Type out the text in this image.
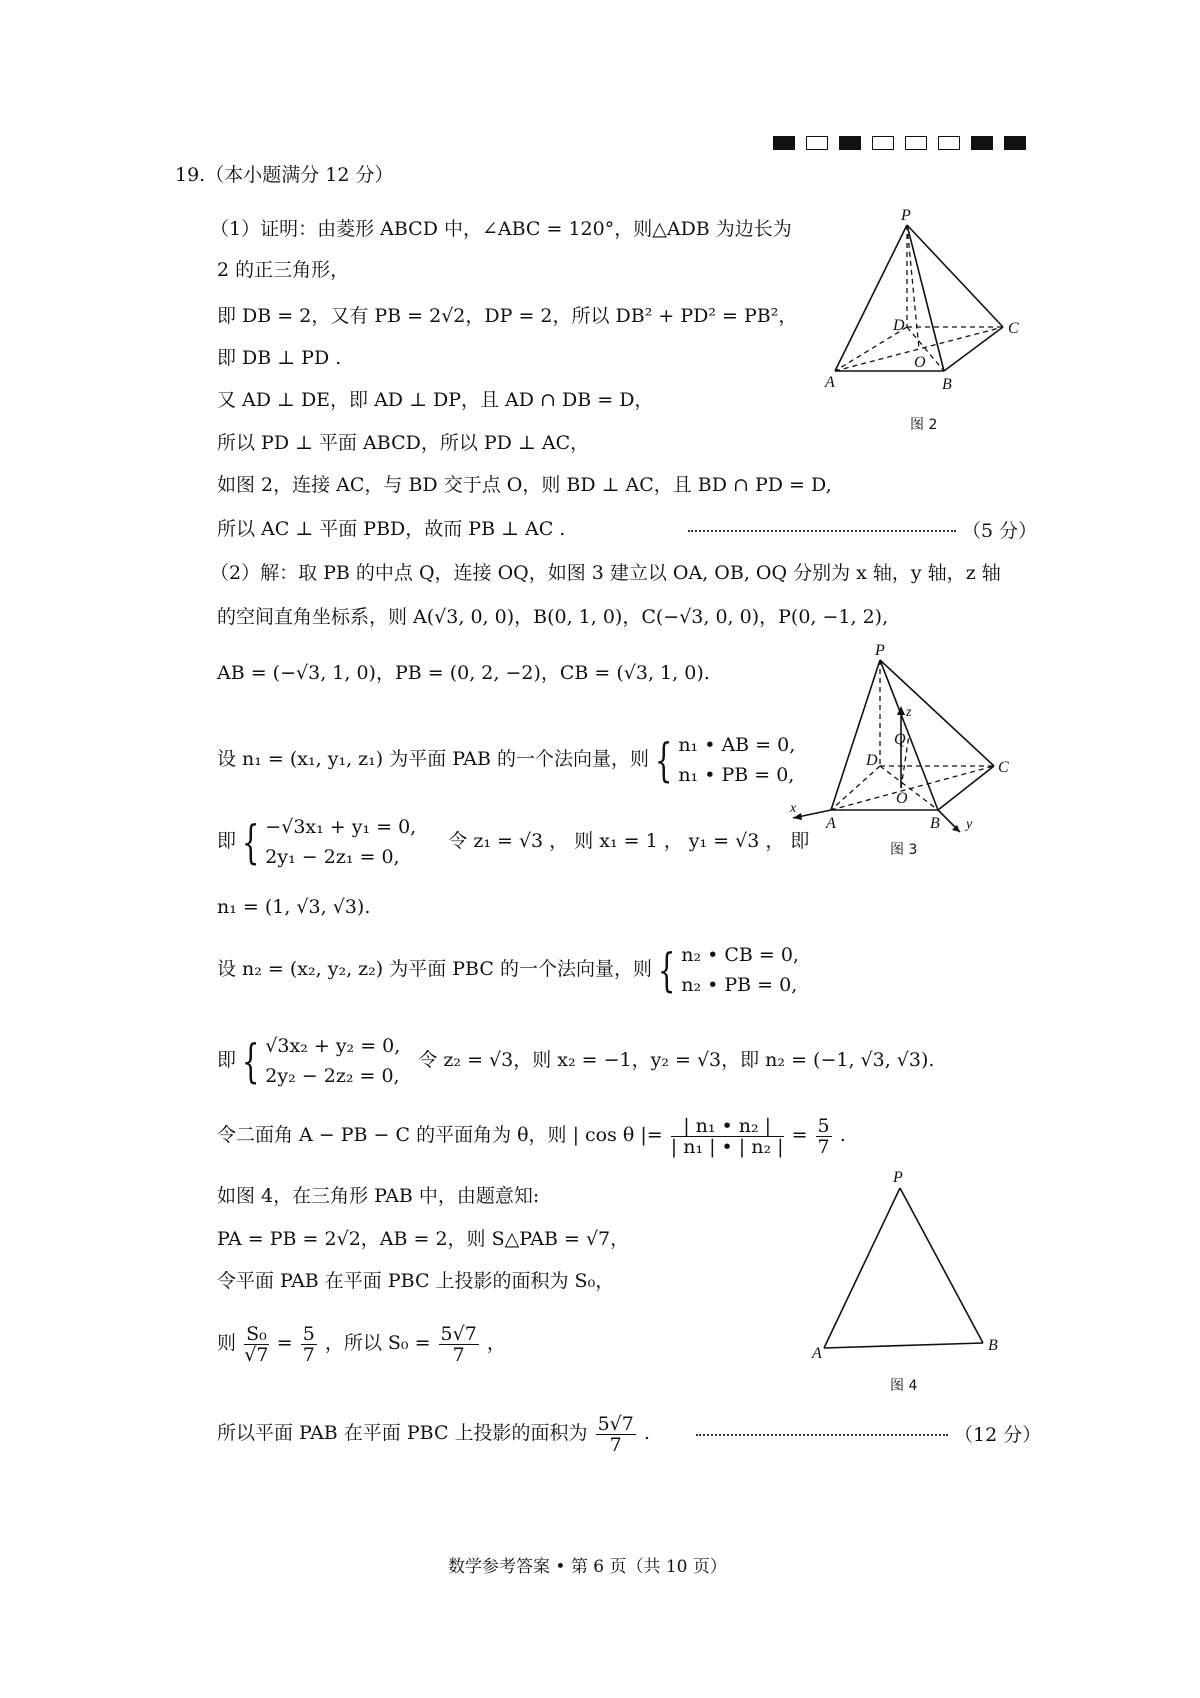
19.（本小题满分 12 分）
（1）证明：由菱形 ABCD 中，∠ABC = 120°，则△ADB 为边长为
2 的正三角形，
即 DB = 2，又有 PB = 2√2，DP = 2，所以 DB² + PD² = PB²，
即 DB ⊥ PD .
又 AD ⊥ DE，即 AD ⊥ DP，且 AD ∩ DB = D，
所以 PD ⊥ 平面 ABCD，所以 PD ⊥ AC，
如图 2，连接 AC，与 BD 交于点 O，则 BD ⊥ AC，且 BD ∩ PD = D,
所以 AC ⊥ 平面 PBD，故而 PB ⊥ AC .	（5 分）
（2）解：取 PB 的中点 Q，连接 OQ，如图 3 建立以 OA, OB, OQ 分别为 x 轴，y 轴，z 轴
的空间直角坐标系，则 A(√3, 0, 0)，B(0, 1, 0)，C(−√3, 0, 0)，P(0, −1, 2),
AB = (−√3, 1, 0)，PB = (0, 2, −2)，CB = (√3, 1, 0).
设 n₁ = (x₁, y₁, z₁) 为平面 PAB 的一个法向量，则 { n₁ • AB = 0,
n₁ • PB = 0,
即 { −√3x₁ + y₁ = 0,
2y₁ − 2z₁ = 0,
令 z₁ = √3 ， 则 x₁ = 1 ， y₁ = √3 ， 即
n₁ = (1, √3, √3).
设 n₂ = (x₂, y₂, z₂) 为平面 PBC 的一个法向量，则 { n₂ • CB = 0,
n₂ • PB = 0,
即 { √3x₂ + y₂ = 0,
2y₂ − 2z₂ = 0,
令 z₂ = √3，则 x₂ = −1，y₂ = √3，即 n₂ = (−1, √3, √3).
令二面角 A − PB − C 的平面角为 θ，则 | cos θ |= $\frac{\text{| n₁ • n₂ |}}{\text{| n₁ | • | n₂ |}} = \frac{5}{7}$ .
如图 4，在三角形 PAB 中，由题意知:
PA = PB = 2√2，AB = 2，则 S△PAB = √7，
令平面 PAB 在平面 PBC 上投影的面积为 S₀，
则 $\frac{\text{S₀}}{√7} = \frac{5}{7}$ ，所以 $S_0 = \frac{5√7}{7}$ ，
所以平面 PAB 在平面 PBC 上投影的面积为 $\frac{5√7}{7}$ .	（12 分）
P
D	C
O
A	B
图 2
P
z
Q
D	C
O
x
A	B y
图 3
P
A	B
图 4
数学参考答案 • 第 6 页（共 10 页）
